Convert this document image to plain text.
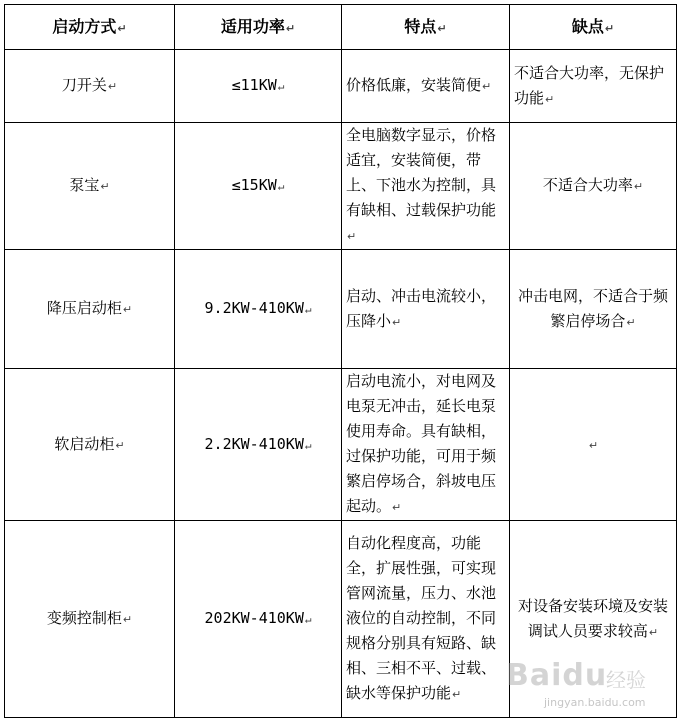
启动方式↵	适用功率↵	特点↵	缺点↵
刀开关↵	≤11KW↵	价格低廉，安装简便↵	不适合大功率，无保护功能↵
泵宝↵	≤15KW↵	全电脑数字显示，价格适宜，安装简便，带上、下池水为控制，具有缺相、过载保护功能↵	不适合大功率↵
降压启动柜↵	9.2KW-410KW↵	启动、冲击电流较小，压降小↵	冲击电网，不适合于频繁启停场合↵
软启动柜↵	2.2KW-410KW↵	启动电流小，对电网及电泵无冲击，延长电泵使用寿命。具有缺相，过保护功能，可用于频繁启停场合，斜坡电压起动。↵	↵
变频控制柜↵	202KW-410KW↵	自动化程度高，功能全，扩展性强，可实现管网流量，压力、水池液位的自动控制，不同规格分别具有短路、缺相、三相不平、过载、缺水等保护功能↵	对设备安装环境及安装调试人员要求较高↵
Baidu
经验
jingyan.baidu.com
